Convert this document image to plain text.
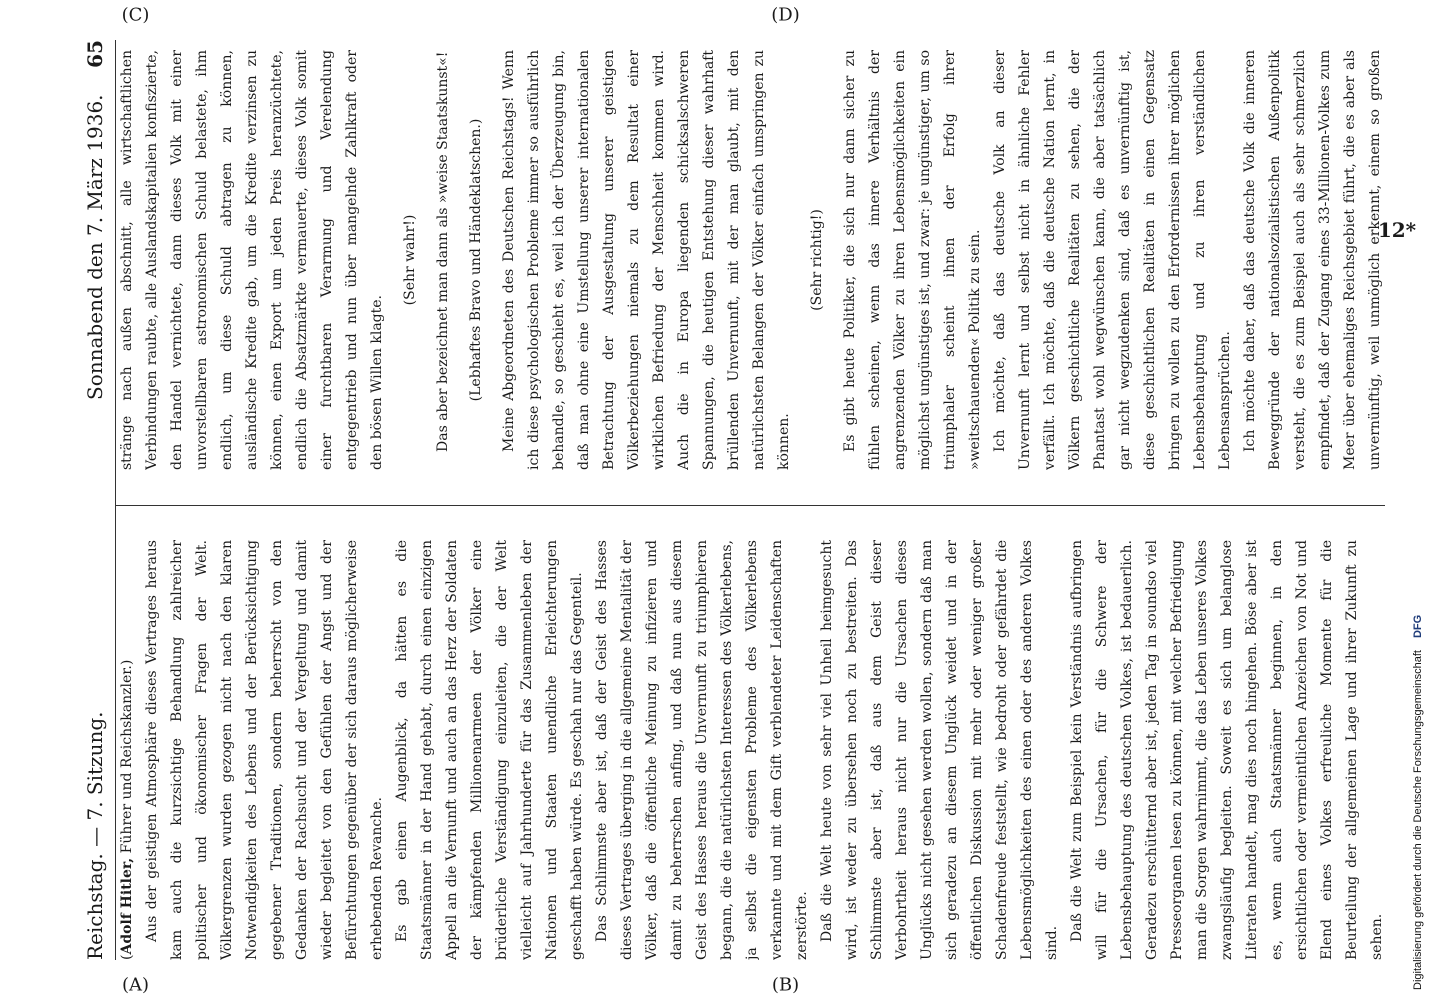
Reichstag. — 7. Sitzung.
Sonnabend den 7. März 1936.
65

(Adolf Hitler, Führer und Reichskanzler.) Aus der geistigen Atmosphäre dieses Vertrages heraus kam auch die kurzsichtige Behandlung zahlreicher politischer und ökonomischer Fragen der Welt. Völkergrenzen wurden gezogen nicht nach den klaren Notwendigkeiten des Lebens und der Berücksichtigung gegebener Traditionen, sondern beherrscht von den Gedanken der Rachsucht und der Vergeltung und damit wieder begleitet von den Gefühlen der Angst und der Befürchtungen gegenüber der sich daraus möglicherweise erhebenden Revanche. Es gab einen Augenblick, da hätten es die Staatsmänner in der Hand gehabt, durch einen einzigen Appell an die Vernunft und auch an das Herz der Soldaten der kämpfenden Millionenarmeen der Völker eine brüderliche Verständigung einzuleiten, die der Welt vielleicht auf Jahrhunderte für das Zusammenleben der Nationen und Staaten unendliche Erleichterungen geschafft haben würde. Es geschah nur das Gegenteil. Das Schlimmste aber ist, daß der Geist des Hasses dieses Vertrages überging in die allgemeine Mentalität der Völker, daß die öffentliche Meinung zu infizieren und damit zu beherrschen anfing, und daß nun aus diesem Geist des Hasses heraus die Unvernunft zu triumphieren begann, die die natürlichsten Interessen des Völkerlebens, ja selbst die eigensten Probleme des Völkerlebens verkannte und mit dem Gift verblendeter Leidenschaften zerstörte. Daß die Welt heute von sehr viel Unheil heimgesucht wird, ist weder zu übersehen noch zu bestreiten. Das Schlimmste aber ist, daß aus dem Geist dieser Verbohrtheit heraus nicht nur die Ursachen dieses Unglücks nicht gesehen werden wollen, sondern daß man sich geradezu an diesem Unglück weidet und in der öffentlichen Diskussion mit mehr oder weniger großer Schadenfreude feststellt, wie bedroht oder gefährdet die Lebensmöglichkeiten des einen oder des anderen Volkes sind.

Daß die Welt zum Beispiel kein Verständnis aufbringen will für die Ursachen, für die Schwere der Lebensbehauptung des deutschen Volkes, ist bedauerlich. Geradezu erschütternd aber ist, jeden Tag in soundso viel Presseorganen lesen zu können, mit welcher Befriedigung man die Sorgen wahrnimmt, die das Leben unseres Volkes zwangsläufig begleiten. Soweit es sich um belanglose Literaten handelt, mag dies noch hingehen. Böse aber ist es, wenn auch Staatsmänner beginnen, in den ersichtlichen oder vermeintlichen Anzeichen von Not und Elend eines Volkes erfreuliche Momente für die Beurteilung der allgemeinen Lage und ihrer Zukunft zu sehen.

stränge nach außen abschnitt, alle wirtschaftlichen Verbindungen raubte, alle Auslandskapitalien konfiszierte, den Handel vernichtete, dann dieses Volk mit einer unvorstellbaren astronomischen Schuld belastete, ihm endlich, um diese Schuld abtragen zu können, ausländische Kredite gab, um die Kredite verzinsen zu können, einen Export um jeden Preis heranzüchtete, endlich die Absatzmärkte vermauerte, dieses Volk somit einer furchtbaren Verarmung und Verelendung entgegentrieb und nun über mangelnde Zahlkraft oder den bösen Willen klagte.

(Sehr wahr!)	Das aber bezeichnet man dann als »weise Staatskunst«!	(Lebhaftes Bravo und Händeklatschen.)	Meine Abgeordneten des Deutschen Reichstags! Wenn ich diese psychologischen Probleme immer so ausführlich behandle, so geschieht es, weil ich der Überzeugung bin, daß man ohne eine Umstellung unserer internationalen Betrachtung der Ausgestaltung unserer geistigen Völkerbeziehungen niemals zu dem Resultat einer wirklichen Befriedung der Menschheit kommen wird. Auch die in Europa liegenden schicksalschweren Spannungen, die heutigen Entstehung dieser wahrhaft brüllenden Unvernunft, mit der man glaubt, mit den natürlichsten Belangen der Völker einfach umspringen zu können.

(Sehr richtig!)	Es gibt heute Politiker, die sich nur dann sicher zu fühlen scheinen, wenn das innere Verhältnis der angrenzenden Völker zu ihren Lebensmöglichkeiten ein möglichst ungünstiges ist, und zwar: je ungünstiger, um so triumphaler scheint ihnen der Erfolg ihrer »weitschauenden« Politik zu sein. Ich möchte, daß das deutsche Volk an dieser Unvernunft lernt und selbst nicht in ähnliche Fehler verfällt. Ich möchte, daß die deutsche Nation lernt, in Völkern geschichtliche Realitäten zu sehen, die der Phantast wohl wegwünschen kann, die aber tatsächlich gar nicht wegzudenken sind, daß es unvernünftig ist, diese geschichtlichen Realitäten in einen Gegensatz bringen zu wollen zu den Erfordernissen ihrer möglichen Lebensbehauptung und zu ihren verständlichen Lebensansprüchen. Ich möchte daher, daß das deutsche Volk die inneren Beweggründe der nationalsozialistischen Außenpolitik versteht, die es zum Beispiel auch als sehr schmerzlich empfindet, daß der Zugang eines 33-Millionen-Volkes zum Meer über ehemaliges Reichsgebiet führt, die es aber als unvernünftig, weil unmöglich erkennt, einem so großen

(A)	(B)
(C)	(D)
12*
Digitalisierung gefördert durch die Deutsche ForschungsgemeinschaftDFG
